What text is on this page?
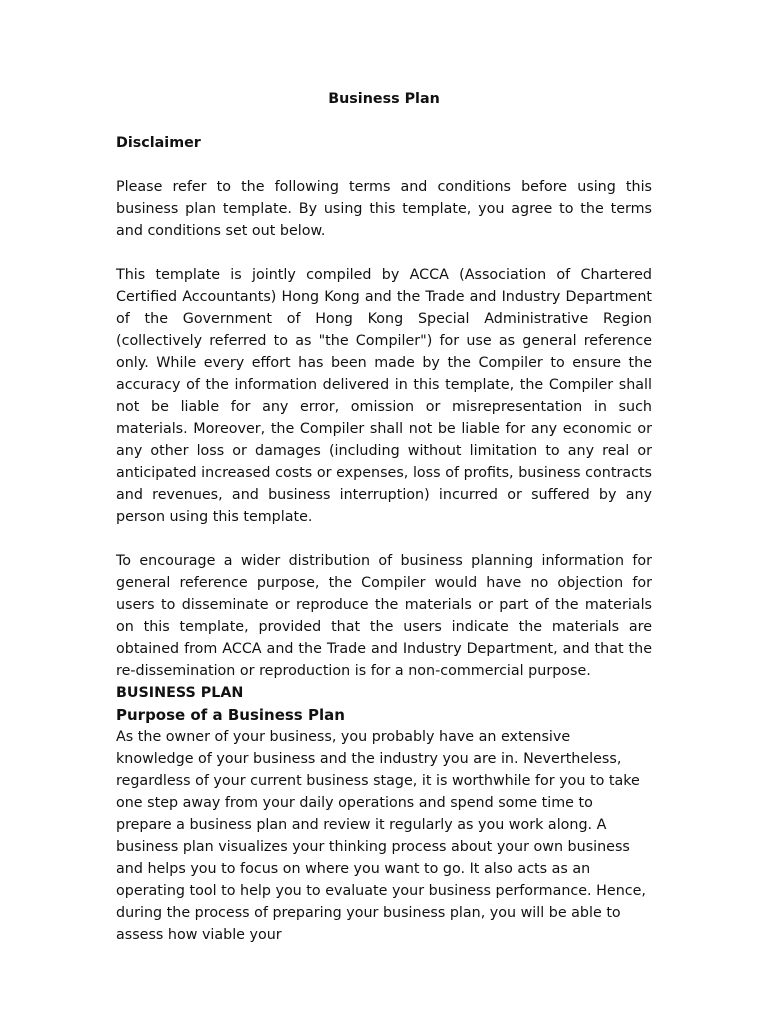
Business Plan

Disclaimer

Please refer to the following terms and conditions before using this business plan template. By using this template, you agree to the terms and conditions set out below.

This template is jointly compiled by ACCA (Association of Chartered Certified Accountants) Hong Kong and the Trade and Industry Department of the Government of Hong Kong Special Administrative Region (collectively referred to as "the Compiler") for use as general reference only. While every effort has been made by the Compiler to ensure the accuracy of the information delivered in this template, the Compiler shall not be liable for any error, omission or misrepresentation in such materials. Moreover, the Compiler shall not be liable for any economic or any other loss or damages (including without limitation to any real or anticipated increased costs or expenses, loss of profits, business contracts and revenues, and business interruption) incurred or suffered by any person using this template.

To encourage a wider distribution of business planning information for general reference purpose, the Compiler would have no objection for users to disseminate or reproduce the materials or part of the materials on this template, provided that the users indicate the materials are obtained from ACCA and the Trade and Industry Department, and that the re-dissemination or reproduction is for a non-commercial purpose.

BUSINESS PLAN

Purpose of a Business Plan

As the owner of your business, you probably have an extensive knowledge of your business and the industry you are in. Nevertheless, regardless of your current business stage, it is worthwhile for you to take one step away from your daily operations and spend some time to prepare a business plan and review it regularly as you work along. A business plan visualizes your thinking process about your own business and helps you to focus on where you want to go. It also acts as an operating tool to help you to evaluate your business performance. Hence, during the process of preparing your business plan, you will be able to assess how viable your
